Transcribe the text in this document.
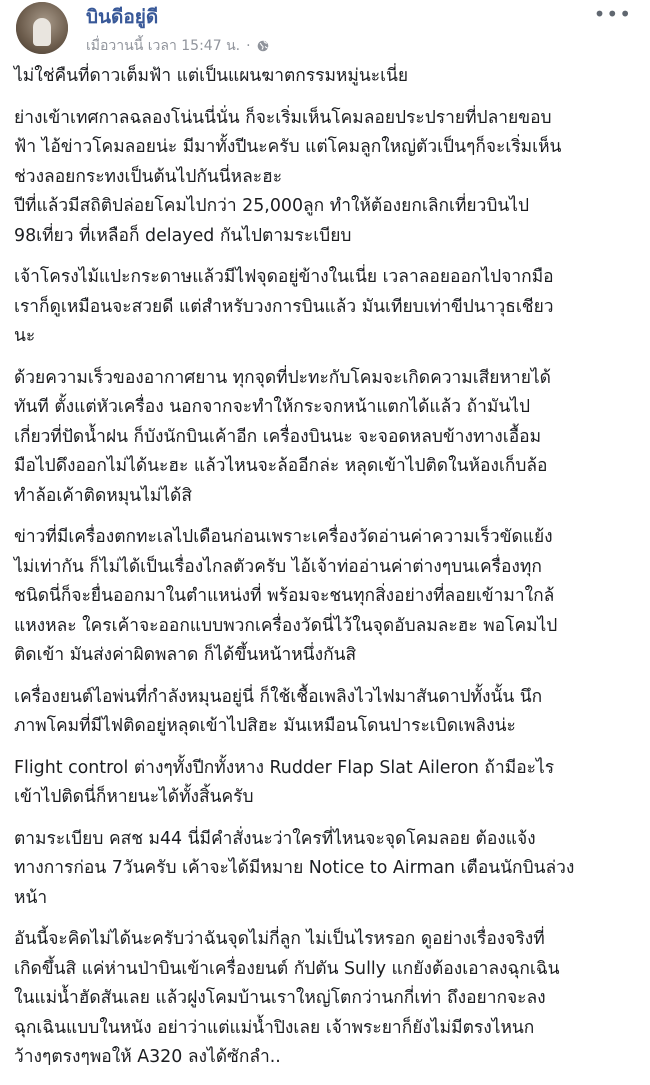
บินดีอยู่ดี
เมื่อวานนี้ เวลา 15:47 น. ·
•••

ไม่ใช่คืนที่ดาวเต็มฟ้า แต่เป็นแผนฆาตกรรมหมู่นะเนี่ย

ย่างเข้าเทศกาลฉลองโน่นนี่นั่น ก็จะเริ่มเห็นโคมลอยประปรายที่ปลายขอบ
ฟ้า ไอ้ข่าวโคมลอยน่ะ มีมาทั้งปีนะครับ แต่โคมลูกใหญ่ตัวเป็นๆก็จะเริ่มเห็น
ช่วงลอยกระทงเป็นต้นไปกันนี่หละฮะ
ปีที่แล้วมีสถิติปล่อยโคมไปกว่า 25,000ลูก ทำให้ต้องยกเลิกเที่ยวบินไป
98เที่ยว ที่เหลือก็ delayed กันไปตามระเบียบ

เจ้าโครงไม้แปะกระดาษแล้วมีไฟจุดอยู่ข้างในเนี่ย เวลาลอยออกไปจากมือ
เราก็ดูเหมือนจะสวยดี แต่สำหรับวงการบินแล้ว มันเทียบเท่าขีปนาวุธเชียว
นะ

ด้วยความเร็วของอากาศยาน ทุกจุดที่ปะทะกับโคมจะเกิดความเสียหายได้
ทันที ตั้งแต่หัวเครื่อง นอกจากจะทำให้กระจกหน้าแตกได้แล้ว ถ้ามันไป
เกี่ยวที่ปัดน้ำฝน ก็บังนักบินเค้าอีก เครื่องบินนะ จะจอดหลบข้างทางเอื้อม
มือไปดึงออกไม่ได้นะฮะ แล้วไหนจะล้ออีกล่ะ หลุดเข้าไปติดในห้องเก็บล้อ
ทำล้อเค้าติดหมุนไม่ได้สิ

ข่าวที่มีเครื่องตกทะเลไปเดือนก่อนเพราะเครื่องวัดอ่านค่าความเร็วขัดแย้ง
ไม่เท่ากัน ก็ไม่ได้เป็นเรื่องไกลตัวครับ ไอ้เจ้าท่ออ่านค่าต่างๆบนเครื่องทุก
ชนิดนี่ก็จะยื่นออกมาในตำแหน่งที่ พร้อมจะชนทุกสิ่งอย่างที่ลอยเข้ามาใกล้
แหงหละ ใครเค้าจะออกแบบพวกเครื่องวัดนี่ไว้ในจุดอับลมละฮะ พอโคมไป
ติดเข้า มันส่งค่าผิดพลาด ก็ได้ขึ้นหน้าหนึ่งกันสิ

เครื่องยนต์ไอพ่นที่กำลังหมุนอยู่นี่ ก็ใช้เชื้อเพลิงไวไฟมาสันดาปทั้งนั้น นึก
ภาพโคมที่มีไฟติดอยู่หลุดเข้าไปสิฮะ มันเหมือนโดนปาระเบิดเพลิงน่ะ

Flight control ต่างๆทั้งปีกทั้งหาง Rudder Flap Slat Aileron ถ้ามีอะไร
เข้าไปติดนี่ก็หายนะได้ทั้งสิ้นครับ

ตามระเบียบ คสช ม44 นี่มีคำสั่งนะว่าใครที่ไหนจะจุดโคมลอย ต้องแจ้ง
ทางการก่อน 7วันครับ เค้าจะได้มีหมาย Notice to Airman เตือนนักบินล่วง
หน้า

อันนี้จะคิดไม่ได้นะครับว่าฉันจุดไม่กี่ลูก ไม่เป็นไรหรอก ดูอย่างเรื่องจริงที่
เกิดขึ้นสิ แค่ห่านป่าบินเข้าเครื่องยนต์ กัปตัน Sully แกยังต้องเอาลงฉุกเฉิน
ในแม่น้ำฮัดสันเลย แล้วฝูงโคมบ้านเราใหญ่โตกว่านกกี่เท่า ถึงอยากจะลง
ฉุกเฉินแบบในหนัง อย่าว่าแต่แม่น้ำปิงเลย เจ้าพระยาก็ยังไม่มีตรงไหนก
ว้างๆตรงๆพอให้ A320 ลงได้ซักลำ..
